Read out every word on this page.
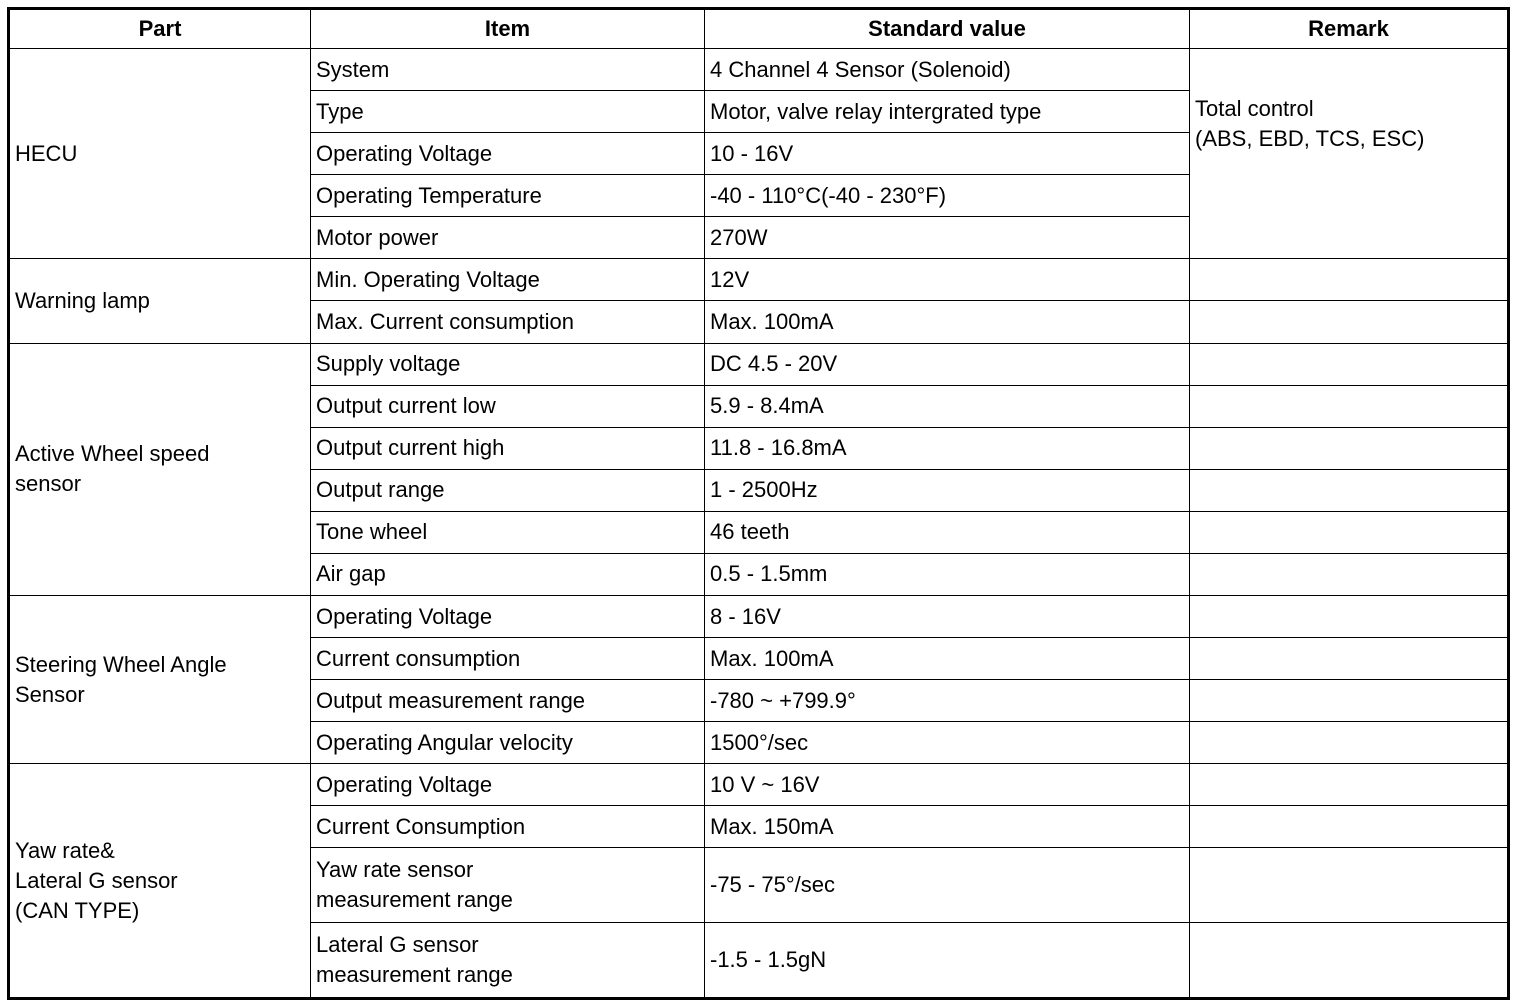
Part	Item	Standard value	Remark
HECU	System	4 Channel 4 Sensor (Solenoid)	Total control
(ABS, EBD, TCS, ESC)
	Type	Motor, valve relay intergrated type	
	Operating Voltage	10 - 16V	
	Operating Temperature	-40 - 110°C(-40 - 230°F)	
	Motor power	270W	
Warning lamp	Min. Operating Voltage	12V	
	Max. Current consumption	Max. 100mA	
Active Wheel speed
sensor	Supply voltage	DC 4.5 - 20V	
	Output current low	5.9 - 8.4mA	
	Output current high	11.8 - 16.8mA	
	Output range	1 - 2500Hz	
	Tone wheel	46 teeth	
	Air gap	0.5 - 1.5mm	
Steering Wheel Angle
Sensor	Operating Voltage	8 - 16V	
	Current consumption	Max. 100mA	
	Output measurement range	-780 ~ +799.9°	
	Operating Angular velocity	1500°/sec	
Yaw rate&
Lateral G sensor
(CAN TYPE)	Operating Voltage	10 V ~ 16V	
	Current Consumption	Max. 150mA	
	Yaw rate sensor
measurement range	-75 - 75°/sec	
	Lateral G sensor
measurement range	-1.5 - 1.5gN	
